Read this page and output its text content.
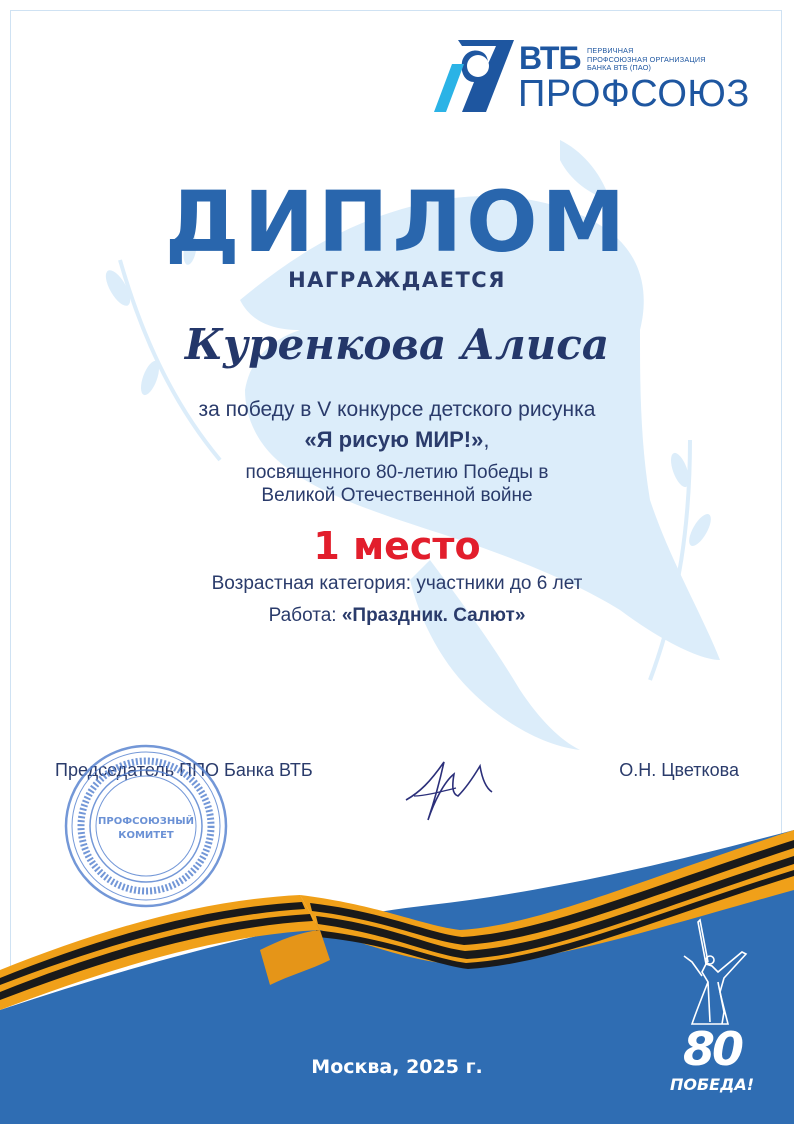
ВТБ ПЕРВИЧНАЯ
ПРОФСОЮЗНАЯ ОРГАНИЗАЦИЯ
БАНКА ВТБ (ПАО)
ПРОФСОЮЗ
ДИПЛОМ
НАГРАЖДАЕТСЯ
Куренкова Алиса
за победу в V конкурсе детского рисунка
«Я рисую МИР!»,
посвященного 80-летию Победы в
Великой Отечественной войне
1 место
Возрастная категория: участники до 6 лет
Работа: «Праздник. Салют»
Председатель ППО Банка ВТБ	О.Н. Цветкова
ПРОФСОЮЗНЫЙ
КОМИТЕТ
Москва, 2025 г.	80
ПОБЕДА!
